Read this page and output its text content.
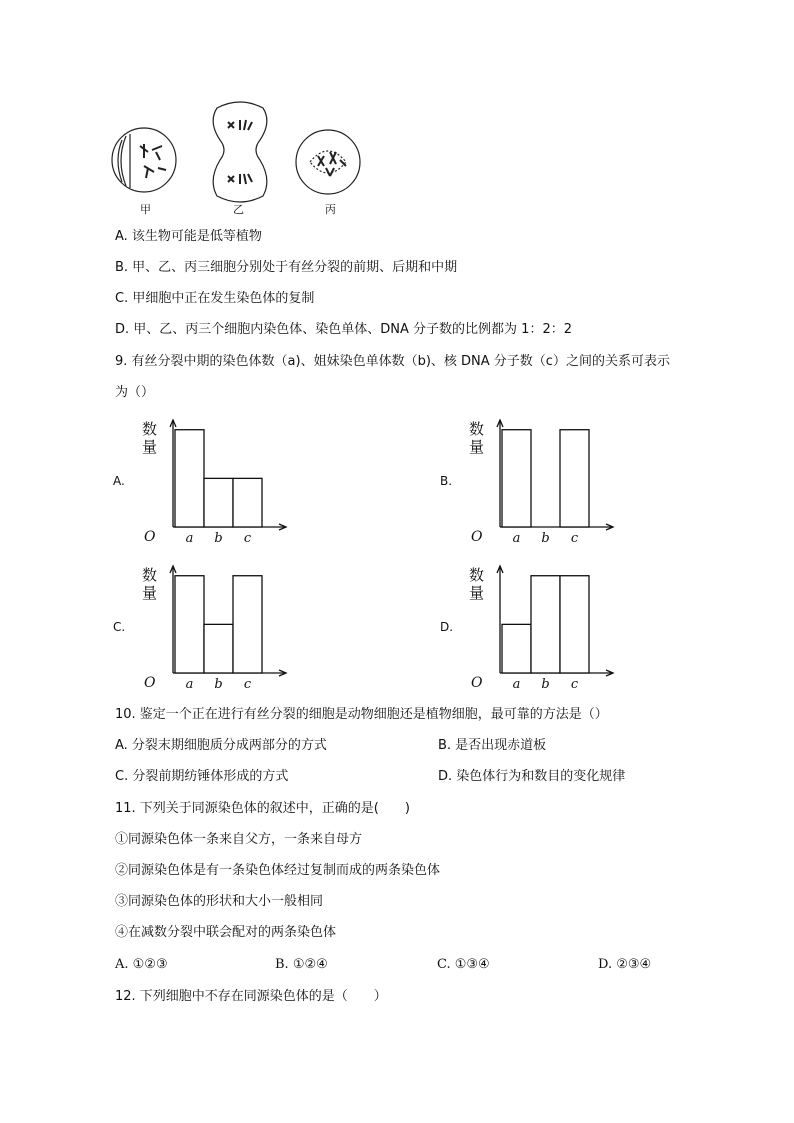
甲	乙	丙
A. 该生物可能是低等植物
B. 甲、乙、丙三细胞分别处于有丝分裂的前期、后期和中期
C. 甲细胞中正在发生染色体的复制
D. 甲、乙、丙三个细胞内染色体、染色单体、DNA 分子数的比例都为 1：2：2
9. 有丝分裂中期的染色体数（a)、姐妹染色单体数（b)、核 DNA 分子数（c）之间的关系可表示
为（）
A.	B.
C.	D.
数
量
O a b c
数
量
O a b c
数
量
O a b c
数
量
O a b c
10. 鉴定一个正在进行有丝分裂的细胞是动物细胞还是植物细胞，最可靠的方法是（）
A. 分裂末期细胞质分成两部分的方式	B. 是否出现赤道板
C. 分裂前期纺锤体形成的方式	D. 染色体行为和数目的变化规律
11. 下列关于同源染色体的叙述中，正确的是(　　)
①同源染色体一条来自父方，一条来自母方
②同源染色体是有一条染色体经过复制而成的两条染色体
③同源染色体的形状和大小一般相同
④在减数分裂中联会配对的两条染色体
A. ①②③	B. ①②④	C. ①③④	D. ②③④
12. 下列细胞中不存在同源染色体的是（　　）
